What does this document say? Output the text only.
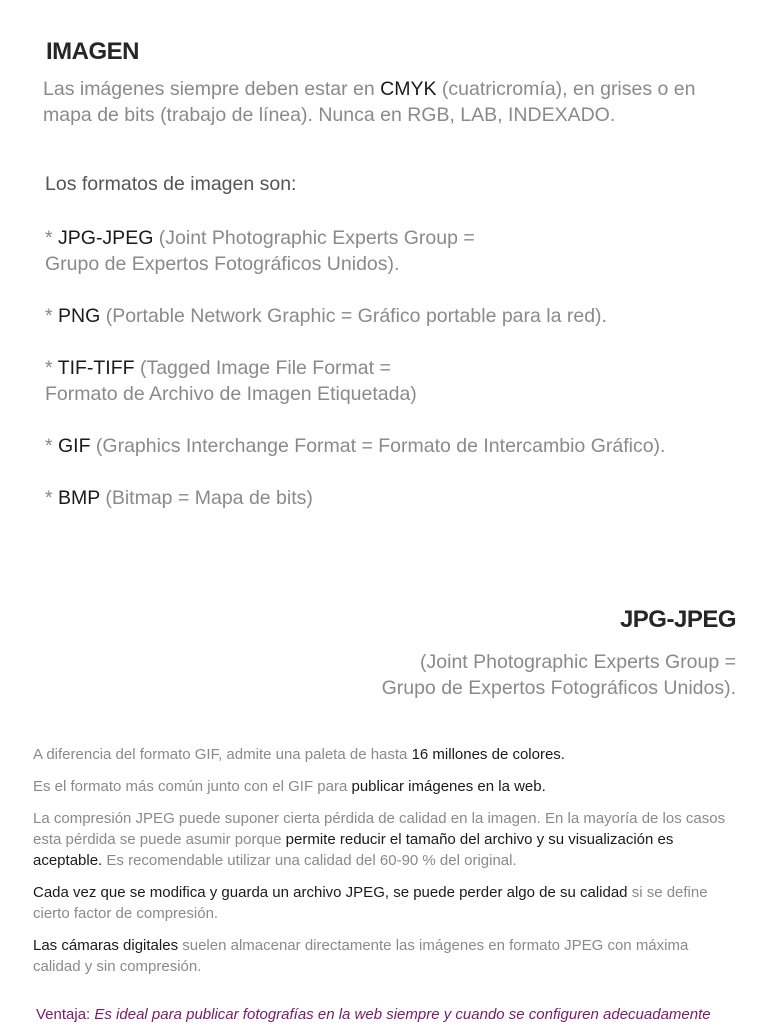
IMAGEN
Las imágenes siempre deben estar en CMYK (cuatricromía), en grises o en mapa de bits (trabajo de línea). Nunca en RGB, LAB, INDEXADO.
Los formatos de imagen son:
* JPG-JPEG (Joint Photographic Experts Group =
Grupo de Expertos Fotográficos Unidos).
* PNG (Portable Network Graphic = Gráfico portable para la red).
* TIF-TIFF (Tagged Image File Format =
Formato de Archivo de Imagen Etiquetada)
* GIF (Graphics Interchange Format = Formato de Intercambio Gráfico).
* BMP (Bitmap = Mapa de bits)
JPG-JPEG
(Joint Photographic Experts Group =
Grupo de Expertos Fotográficos Unidos).
A diferencia del formato GIF, admite una paleta de hasta 16 millones de colores.
Es el formato más común junto con el GIF para publicar imágenes en la web.
La compresión JPEG puede suponer cierta pérdida de calidad en la imagen. En la mayoría de los casos esta pérdida se puede asumir porque permite reducir el tamaño del archivo y su visualización es aceptable. Es recomendable utilizar una calidad del 60-90 % del original.
Cada vez que se modifica y guarda un archivo JPEG, se puede perder algo de su calidad si se define cierto factor de compresión.
Las cámaras digitales suelen almacenar directamente las imágenes en formato JPEG con máxima calidad y sin compresión.
Ventaja: Es ideal para publicar fotografías en la web siempre y cuando se configuren adecuadamente
